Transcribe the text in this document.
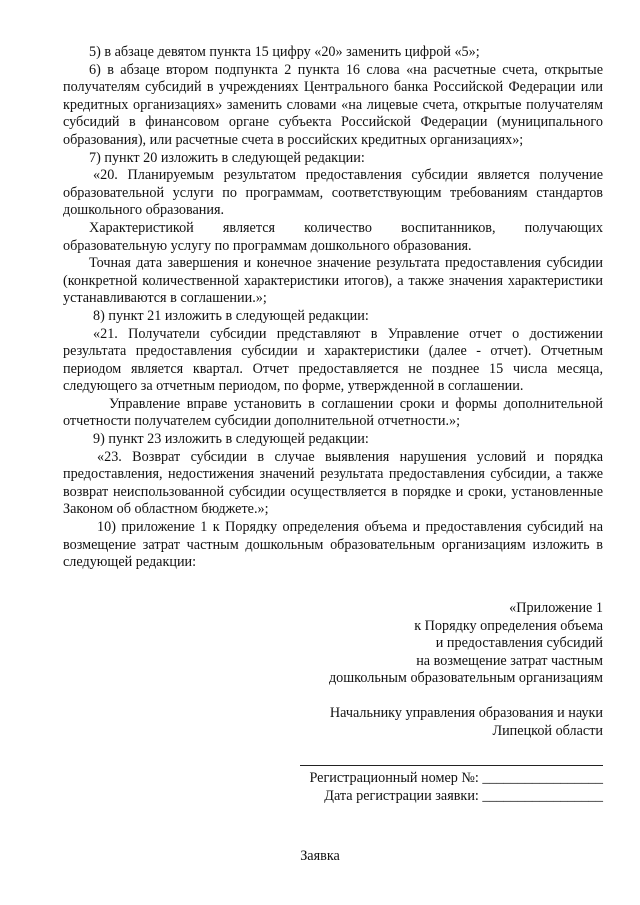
5) в абзаце девятом пункта 15 цифру «20» заменить цифрой «5»;

6) в абзаце втором подпункта 2 пункта 16 слова «на расчетные счета, открытые получателям субсидий в учреждениях Центрального банка Российской Федерации или кредитных организациях» заменить словами «на лицевые счета, открытые получателям субсидий в финансовом органе субъекта Российской Федерации (муниципального образования), или расчетные счета в российских кредитных организациях»;

7) пункт 20 изложить в следующей редакции:

«20. Планируемым результатом предоставления субсидии является получение образовательной услуги по программам, соответствующим требованиям стандартов дошкольного образования.

Характеристикой является количество воспитанников, получающих образовательную услугу по программам дошкольного образования.

Точная дата завершения и конечное значение результата предоставления субсидии (конкретной количественной характеристики итогов), а также значения характеристики устанавливаются в соглашении.»;

8) пункт 21 изложить в следующей редакции:

«21. Получатели субсидии представляют в Управление отчет о достижении результата предоставления субсидии и характеристики (далее - отчет). Отчетным периодом является квартал. Отчет предоставляется не позднее 15 числа месяца, следующего за отчетным периодом, по форме, утвержденной в соглашении.

Управление вправе установить в соглашении сроки и формы дополнительной отчетности получателем субсидии дополнительной отчетности.»;

9) пункт 23 изложить в следующей редакции:

«23. Возврат субсидии в случае выявления нарушения условий и порядка предоставления, недостижения значений результата предоставления субсидии, а также возврат неиспользованной субсидии осуществляется в порядке и сроки, установленные Законом об областном бюджете.»;

10) приложение 1 к Порядку определения объема и предоставления субсидий на возмещение затрат частным дошкольным образовательным организациям изложить в следующей редакции:

«Приложение 1

к Порядку определения объема

и предоставления субсидий

на возмещение затрат частным

дошкольным образовательным организациям

Начальнику управления образования и науки

Липецкой области

Регистрационный номер №: _________________

Дата регистрации заявки: _________________

Заявка
